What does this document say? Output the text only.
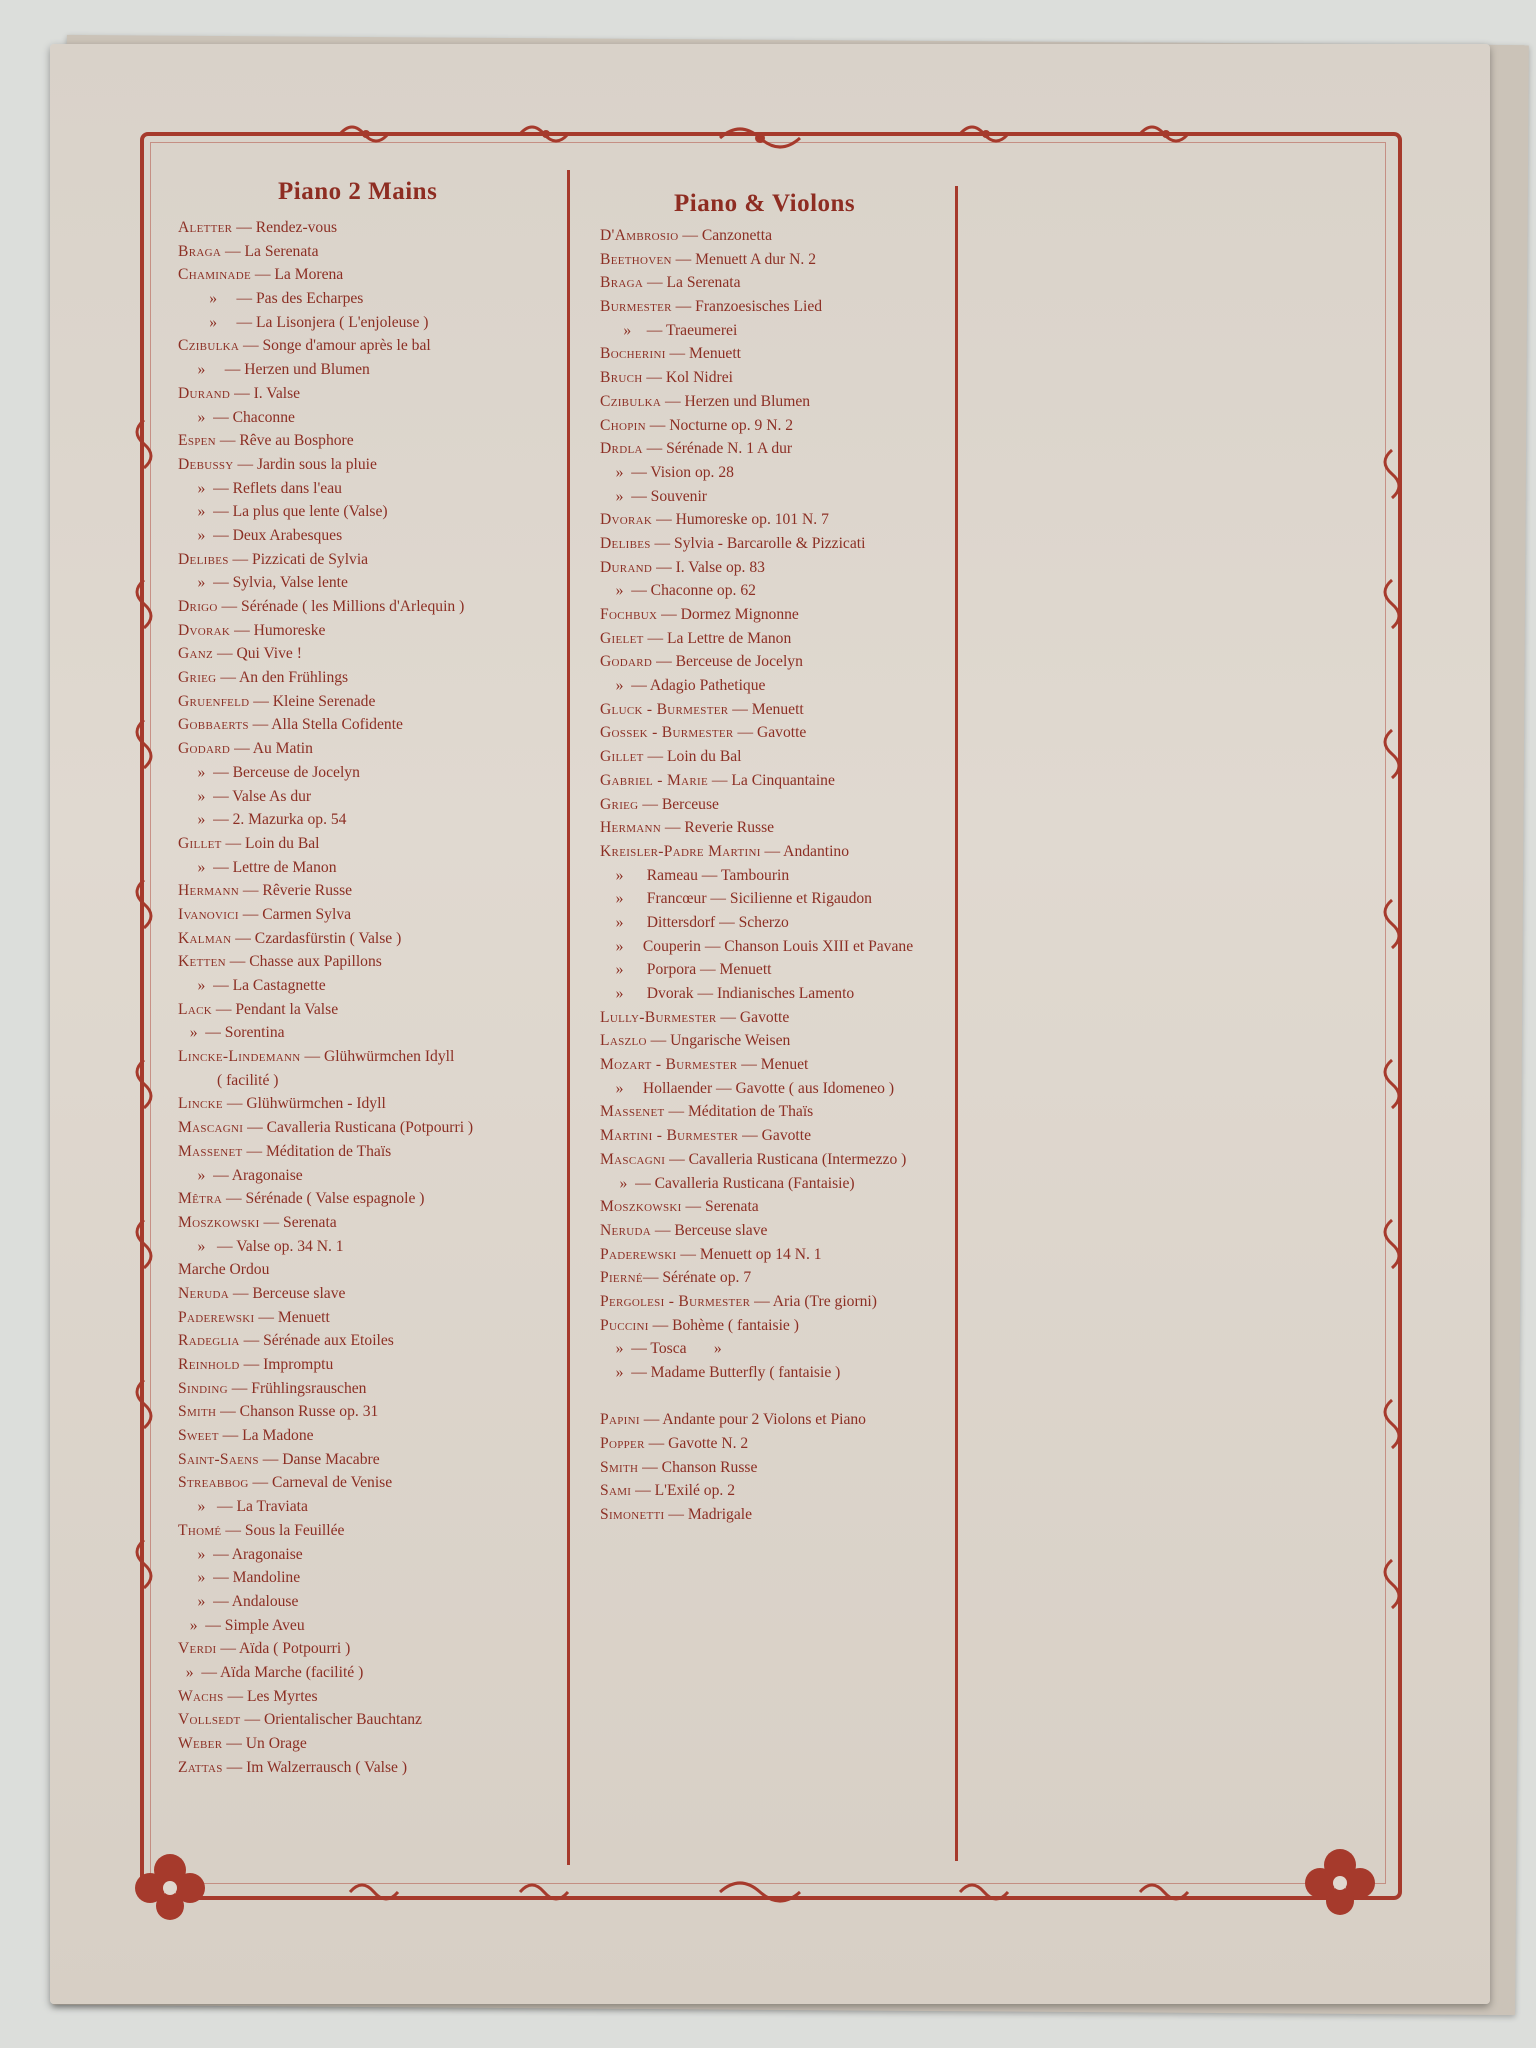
Piano 2 Mains
Aletter — Rendez-vous
Braga — La Serenata
Chaminade — La Morena
»     — Pas des Echarpes
»     — La Lisonjera ( L'enjoleuse )
Czibulka — Songe d'amour après le bal
»     — Herzen und Blumen
Durand — I. Valse
»  — Chaconne
Espen — Rêve au Bosphore
Debussy — Jardin sous la pluie
»  — Reflets dans l'eau
»  — La plus que lente (Valse)
»  — Deux Arabesques
Delibes — Pizzicati de Sylvia
»  — Sylvia, Valse lente
Drigo — Sérénade ( les Millions d'Arlequin )
Dvorak — Humoreske
Ganz — Qui Vive !
Grieg — An den Frühlings
Gruenfeld — Kleine Serenade
Gobbaerts — Alla Stella Cofidente
Godard — Au Matin
»  — Berceuse de Jocelyn
»  — Valse As dur
»  — 2. Mazurka op. 54
Gillet — Loin du Bal
»  — Lettre de Manon
Hermann — Rêverie Russe
Ivanovici — Carmen Sylva
Kalman — Czardasfürstin ( Valse )
Ketten — Chasse aux Papillons
»  — La Castagnette
Lack — Pendant la Valse
»  — Sorentina
Lincke-Lindemann — Glühwürmchen Idyll
( facilité )
Lincke — Glühwürmchen - Idyll
Mascagni — Cavalleria Rusticana (Potpourri )
Massenet — Méditation de Thaïs
»  — Aragonaise
Mêtra — Sérénade ( Valse espagnole )
Moszkowski — Serenata
»   — Valse op. 34 N. 1
Marche Ordou
Neruda — Berceuse slave
Paderewski — Menuett
Radeglia — Sérénade aux Etoiles
Reinhold — Impromptu
Sinding — Frühlingsrauschen
Smith — Chanson Russe op. 31
Sweet — La Madone
Saint-Saens — Danse Macabre
Streabbog — Carneval de Venise
»   — La Traviata
Thomé — Sous la Feuillée
»  — Aragonaise
»  — Mandoline
»  — Andalouse
»  — Simple Aveu
Verdi — Aïda ( Potpourri )
»  — Aïda Marche (facilité )
Wachs — Les Myrtes
Vollsedt — Orientalischer Bauchtanz
Weber — Un Orage
Zattas — Im Walzerrausch ( Valse )
Piano & Violons
D'Ambrosio — Canzonetta
Beethoven — Menuett A dur N. 2
Braga — La Serenata
Burmester — Franzoesisches Lied
»    — Traeumerei
Bocherini — Menuett
Bruch — Kol Nidrei
Czibulka — Herzen und Blumen
Chopin — Nocturne op. 9 N. 2
Drdla — Sérénade N. 1 A dur
»  — Vision op. 28
»  — Souvenir
Dvorak — Humoreske op. 101 N. 7
Delibes — Sylvia - Barcarolle & Pizzicati
Durand — I. Valse op. 83
»  — Chaconne op. 62
Fochbux — Dormez Mignonne
Gielet — La Lettre de Manon
Godard — Berceuse de Jocelyn
»  — Adagio Pathetique
Gluck - Burmester — Menuett
Gossek - Burmester — Gavotte
Gillet — Loin du Bal
Gabriel - Marie — La Cinquantaine
Grieg — Berceuse
Hermann — Reverie Russe
Kreisler-Padre Martini — Andantino
»      Rameau — Tambourin
»      Francœur — Sicilienne et Rigaudon
»      Dittersdorf — Scherzo
»     Couperin — Chanson Louis XIII et Pavane
»      Porpora — Menuett
»      Dvorak — Indianisches Lamento
Lully-Burmester — Gavotte
Laszlo — Ungarische Weisen
Mozart - Burmester — Menuet
»     Hollaender — Gavotte ( aus Idomeneo )
Massenet — Méditation de Thaïs
Martini - Burmester — Gavotte
Mascagni — Cavalleria Rusticana (Intermezzo )
»  — Cavalleria Rusticana (Fantaisie)
Moszkowski — Serenata
Neruda — Berceuse slave
Paderewski — Menuett op 14 N. 1
Pierné— Sérénate op. 7
Pergolesi - Burmester — Aria (Tre giorni)
Puccini — Bohème ( fantaisie )
»  — Tosca       »
»  — Madame Butterfly ( fantaisie )
Papini — Andante pour 2 Violons et Piano
Popper — Gavotte N. 2
Smith — Chanson Russe
Sami — L'Exilé op. 2
Simonetti — Madrigale
